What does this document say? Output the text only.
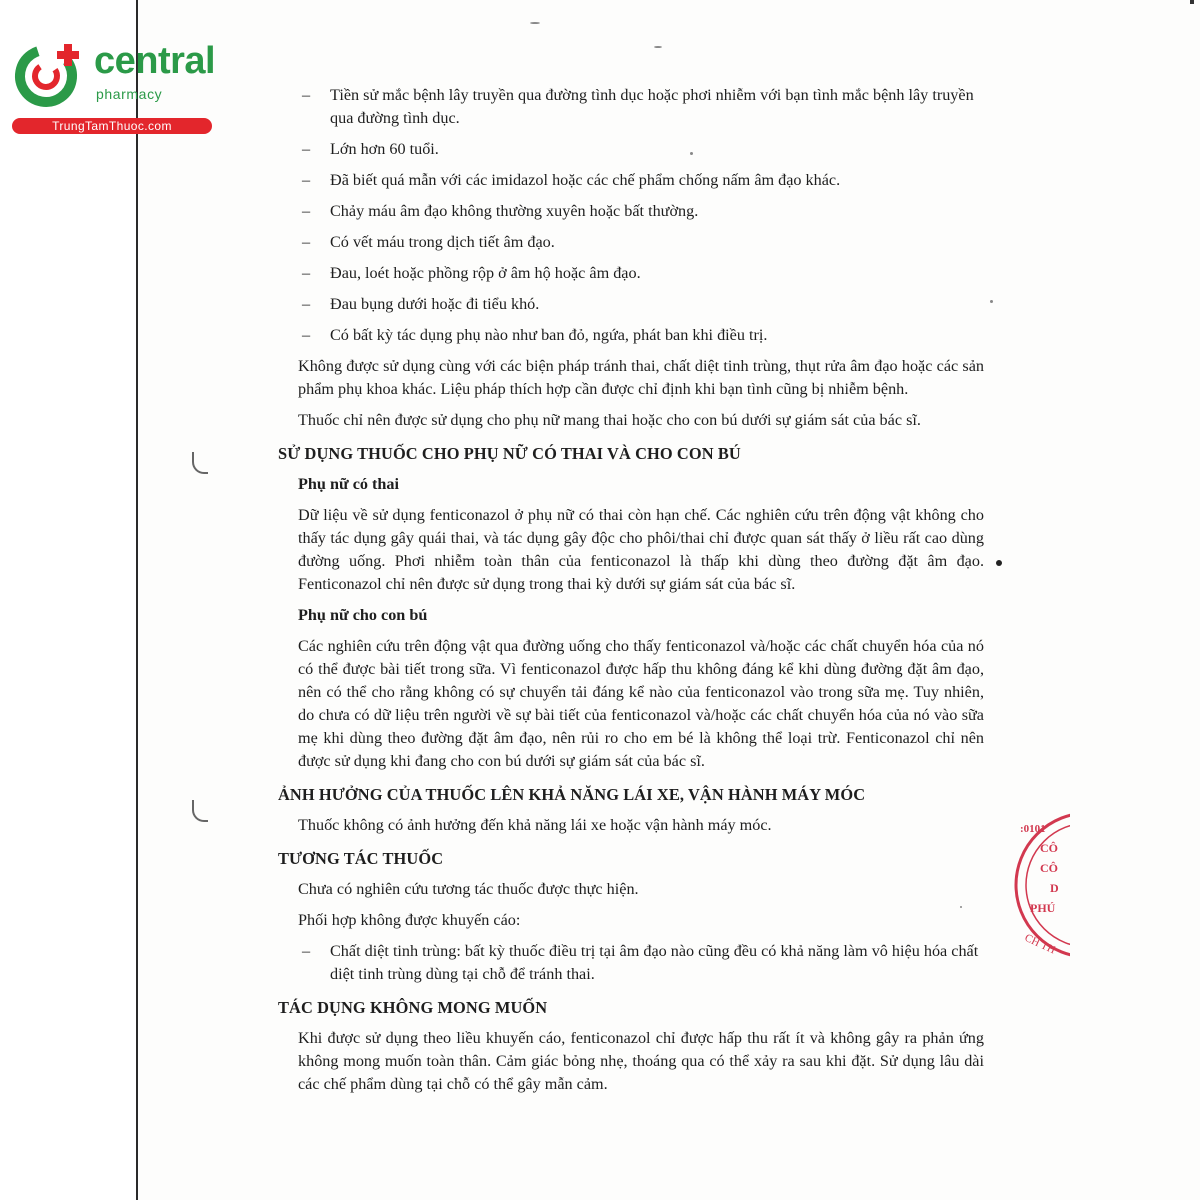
central
pharmacy
TrungTamThuoc.com
– Tiền sử mắc bệnh lây truyền qua đường tình dục hoặc phơi nhiễm với bạn tình mắc bệnh lây truyền qua đường tình dục.
– Lớn hơn 60 tuổi.
– Đã biết quá mẫn với các imidazol hoặc các chế phẩm chống nấm âm đạo khác.
– Chảy máu âm đạo không thường xuyên hoặc bất thường.
– Có vết máu trong dịch tiết âm đạo.
– Đau, loét hoặc phồng rộp ở âm hộ hoặc âm đạo.
– Đau bụng dưới hoặc đi tiểu khó.
– Có bất kỳ tác dụng phụ nào như ban đỏ, ngứa, phát ban khi điều trị.

Không được sử dụng cùng với các biện pháp tránh thai, chất diệt tinh trùng, thụt rửa âm đạo hoặc các sản phẩm phụ khoa khác. Liệu pháp thích hợp cần được chỉ định khi bạn tình cũng bị nhiễm bệnh.

Thuốc chỉ nên được sử dụng cho phụ nữ mang thai hoặc cho con bú dưới sự giám sát của bác sĩ.

SỬ DỤNG THUỐC CHO PHỤ NỮ CÓ THAI VÀ CHO CON BÚ
Phụ nữ có thai

Dữ liệu về sử dụng fenticonazol ở phụ nữ có thai còn hạn chế. Các nghiên cứu trên động vật không cho thấy tác dụng gây quái thai, và tác dụng gây độc cho phôi/thai chỉ được quan sát thấy ở liều rất cao dùng đường uống. Phơi nhiễm toàn thân của fenticonazol là thấp khi dùng theo đường đặt âm đạo. Fenticonazol chỉ nên được sử dụng trong thai kỳ dưới sự giám sát của bác sĩ.

Phụ nữ cho con bú

Các nghiên cứu trên động vật qua đường uống cho thấy fenticonazol và/hoặc các chất chuyển hóa của nó có thể được bài tiết trong sữa. Vì fenticonazol được hấp thu không đáng kể khi dùng đường đặt âm đạo, nên có thể cho rằng không có sự chuyển tải đáng kể nào của fenticonazol vào trong sữa mẹ. Tuy nhiên, do chưa có dữ liệu trên người về sự bài tiết của fenticonazol và/hoặc các chất chuyển hóa của nó vào sữa mẹ khi dùng theo đường đặt âm đạo, nên rủi ro cho em bé là không thể loại trừ. Fenticonazol chỉ nên được sử dụng khi đang cho con bú dưới sự giám sát của bác sĩ.

ẢNH HƯỞNG CỦA THUỐC LÊN KHẢ NĂNG LÁI XE, VẬN HÀNH MÁY MÓC

Thuốc không có ảnh hưởng đến khả năng lái xe hoặc vận hành máy móc.

TƯƠNG TÁC THUỐC

Chưa có nghiên cứu tương tác thuốc được thực hiện.

Phối hợp không được khuyến cáo:

– Chất diệt tinh trùng: bất kỳ thuốc điều trị tại âm đạo nào cũng đều có khả năng làm vô hiệu hóa chất diệt tinh trùng dùng tại chỗ để tránh thai.
TÁC DỤNG KHÔNG MONG MUỐN

Khi được sử dụng theo liều khuyến cáo, fenticonazol chỉ được hấp thu rất ít và không gây ra phản ứng không mong muốn toàn thân. Cảm giác bỏng nhẹ, thoáng qua có thể xảy ra sau khi đặt. Sử dụng lâu dài các chế phẩm dùng tại chỗ có thể gây mẫn cảm.

:0101
CÔ
CÔ
D
PHÚ
CH TH
